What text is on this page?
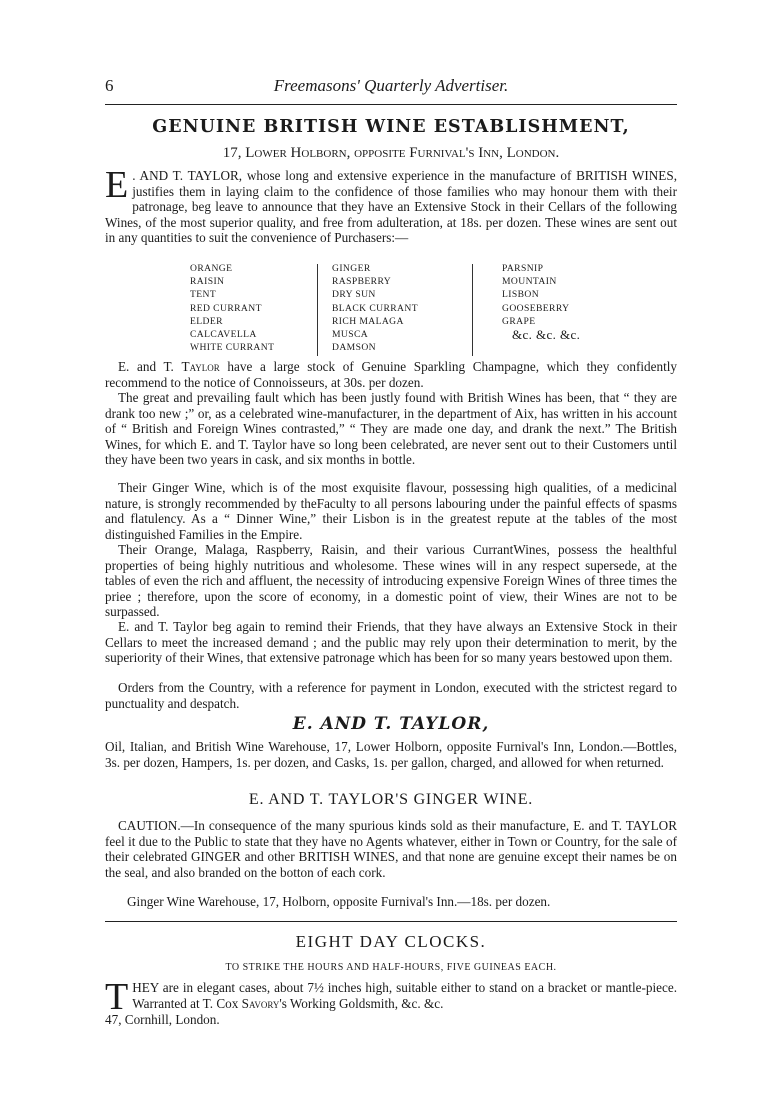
6	Freemasons' Quarterly Advertiser.
GENUINE BRITISH WINE ESTABLISHMENT,
17, Lower Holborn, opposite Furnival's Inn, London.
E . AND T. TAYLOR, whose long and extensive experience in the manufacture of BRITISH WINES, justifies them in laying claim to the confidence of those families who may honour them with their patronage, beg leave to announce that they have an Extensive Stock in their Cellars of the following Wines, of the most superior quality, and free from adulteration, at 18s. per dozen. These wines are sent out in any quantities to suit the convenience of Purchasers:—
ORANGE
RAISIN
TENT
RED CURRANT
ELDER
CALCAVELLA
WHITE CURRANT
GINGER
RASPBERRY
DRY SUN
BLACK CURRANT
RICH MALAGA
MUSCA
DAMSON
PARSNIP
MOUNTAIN
LISBON
GOOSEBERRY
GRAPE
&c. &c. &c.
E. and T. Taylor have a large stock of Genuine Sparkling Champagne, which they confidently recommend to the notice of Connoisseurs, at 30s. per dozen.
The great and prevailing fault which has been justly found with British Wines has been, that “ they are drank too new ;” or, as a celebrated wine-manufacturer, in the department of Aix, has written in his account of “ British and Foreign Wines contrasted,” “ They are made one day, and drank the next.” The British Wines, for which E. and T. Taylor have so long been celebrated, are never sent out to their Customers until they have been two years in cask, and six months in bottle.
Their Ginger Wine, which is of the most exquisite flavour, possessing high qualities, of a medicinal nature, is strongly recommended by theFaculty to all persons labouring under the painful effects of spasms and flatulency. As a “ Dinner Wine,” their Lisbon is in the greatest repute at the tables of the most distinguished Families in the Empire.
Their Orange, Malaga, Raspberry, Raisin, and their various CurrantWines, possess the healthful properties of being highly nutritious and wholesome. These wines will in any respect supersede, at the tables of even the rich and affluent, the necessity of introducing expensive Foreign Wines of three times the priee ; therefore, upon the score of economy, in a domestic point of view, their Wines are not to be surpassed.
E. and T. Taylor beg again to remind their Friends, that they have always an Extensive Stock in their Cellars to meet the increased demand ; and the public may rely upon their determination to merit, by the superiority of their Wines, that extensive patronage which has been for so many years bestowed upon them.
Orders from the Country, with a reference for payment in London, executed with the strictest regard to punctuality and despatch.
E. AND T. TAYLOR,
Oil, Italian, and British Wine Warehouse, 17, Lower Holborn, opposite Furnival's Inn, London.—Bottles, 3s. per dozen, Hampers, 1s. per dozen, and Casks, 1s. per gallon, charged, and allowed for when returned.
E. AND T. TAYLOR'S GINGER WINE.
CAUTION.—In consequence of the many spurious kinds sold as their manufacture, E. and T. TAYLOR feel it due to the Public to state that they have no Agents whatever, either in Town or Country, for the sale of their celebrated GINGER and other BRITISH WINES, and that none are genuine except their names be on the seal, and also branded on the botton of each cork.
Ginger Wine Warehouse, 17, Holborn, opposite Furnival's Inn.—18s. per dozen.
EIGHT DAY CLOCKS.
TO STRIKE THE HOURS AND HALF-HOURS, FIVE GUINEAS EACH.
THEY are in elegant cases, about 7½ inches high, suitable either to stand on a bracket or mantle-piece. Warranted at T. Cox Savory's Working Goldsmith, &c. &c.
47, Cornhill, London.
